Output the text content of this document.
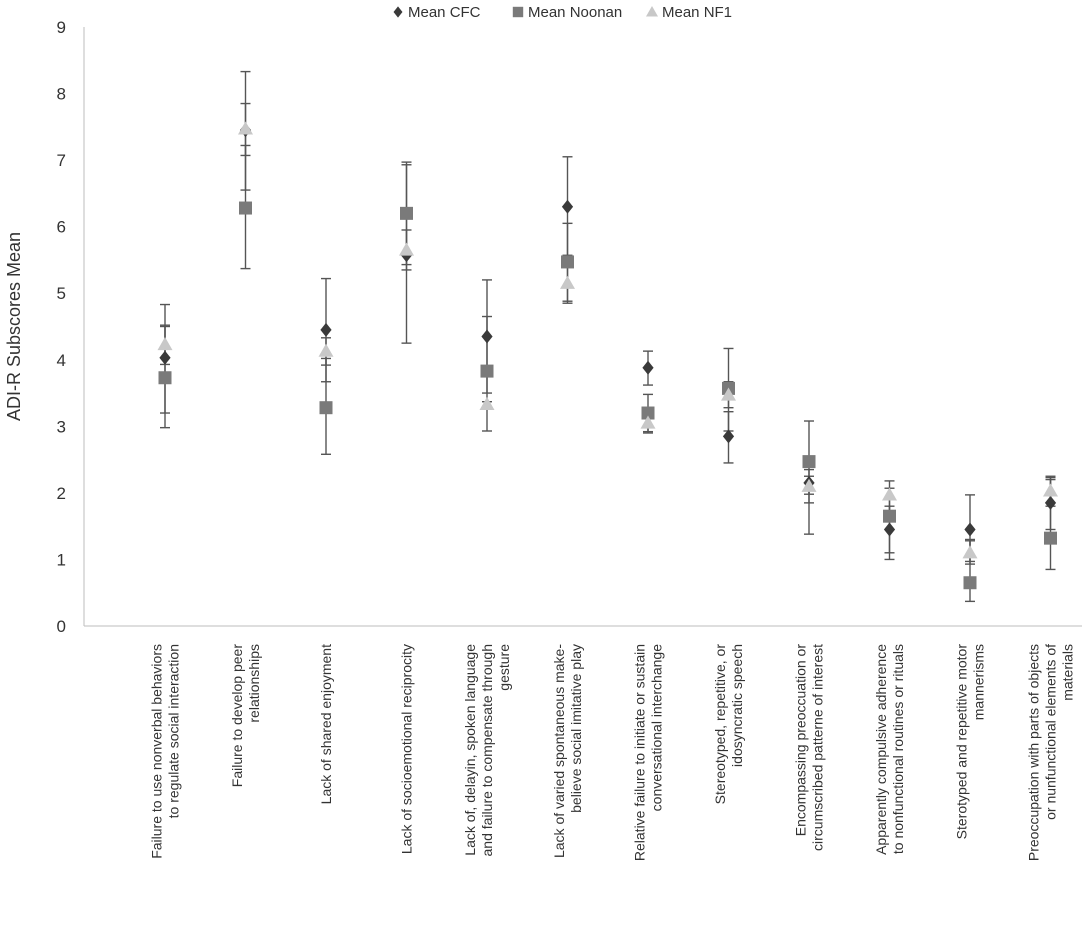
0
1
2
3
4
5
6
7
8
9
ADI-R Subscores Mean
Failure to use nonverbal behaviors to regulate social interaction	Failure to develop peer relationships	Lack of shared enjoyment	Lack of socioemotional reciprocity	Lack of, delayin, spoken language and failure to compensate through gesture	Lack of varied spontaneous make- believe social imitative play	Relative failure to initiate or sustain conversational interchange	Stereotyped, repetitive, or idosyncratic speech	Encompassing preoccuation or circumscribed patterne of interest	Apparently compulsive adherence to nonfunctional routines or rituals	Sterotyped and repetitive motor mannerisms	Preoccupation with parts of objects or nunfunctional elements of materials
Mean CFC	Mean Noonan	Mean NF1
